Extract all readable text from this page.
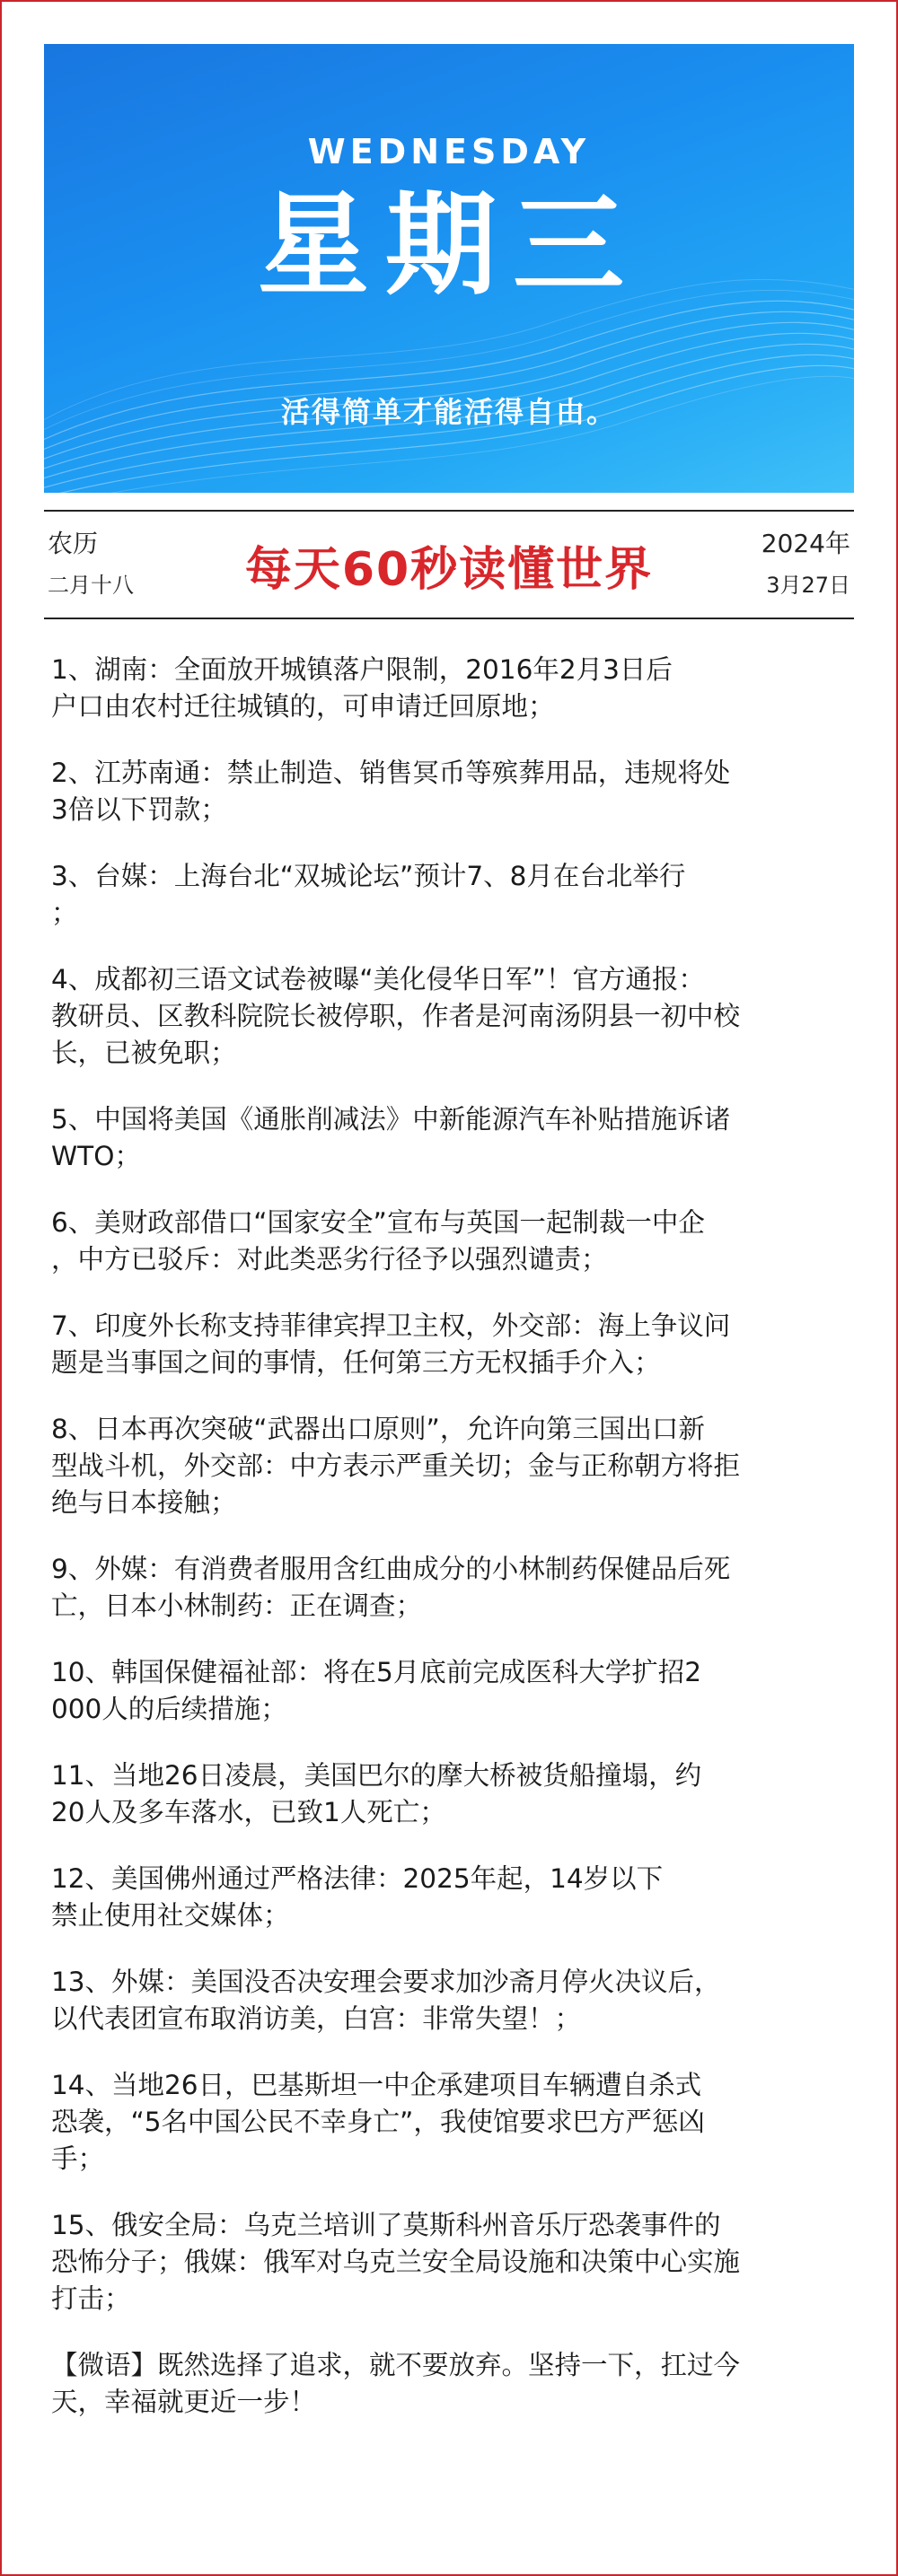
WEDNESDAY
星期三
活得简单才能活得自由。
农历
二月十八	每天60秒读懂世界	2024年
3月27日
1、湖南：全面放开城镇落户限制，2016年2月3日后
户口由农村迁往城镇的，可申请迁回原地；
2、江苏南通：禁止制造、销售冥币等殡葬用品，违规将处
3倍以下罚款；
3、台媒：上海台北“双城论坛”预计7、8月在台北举行
；
4、成都初三语文试卷被曝“美化侵华日军”！官方通报：
教研员、区教科院院长被停职，作者是河南汤阴县一初中校
长，已被免职；
5、中国将美国《通胀削减法》中新能源汽车补贴措施诉诸
WTO；
6、美财政部借口“国家安全”宣布与英国一起制裁一中企
，中方已驳斥：对此类恶劣行径予以强烈谴责；
7、印度外长称支持菲律宾捍卫主权，外交部：海上争议问
题是当事国之间的事情，任何第三方无权插手介入；
8、日本再次突破“武器出口原则”，允许向第三国出口新
型战斗机，外交部：中方表示严重关切；金与正称朝方将拒
绝与日本接触；
9、外媒：有消费者服用含红曲成分的小林制药保健品后死
亡，日本小林制药：正在调查；
10、韩国保健福祉部：将在5月底前完成医科大学扩招2
000人的后续措施；
11、当地26日凌晨，美国巴尔的摩大桥被货船撞塌，约
20人及多车落水，已致1人死亡；
12、美国佛州通过严格法律：2025年起，14岁以下
禁止使用社交媒体；
13、外媒：美国没否决安理会要求加沙斋月停火决议后，
以代表团宣布取消访美，白宫：非常失望！；
14、当地26日，巴基斯坦一中企承建项目车辆遭自杀式
恐袭，“5名中国公民不幸身亡”，我使馆要求巴方严惩凶
手；
15、俄安全局：乌克兰培训了莫斯科州音乐厅恐袭事件的
恐怖分子；俄媒：俄军对乌克兰安全局设施和决策中心实施
打击；
【微语】既然选择了追求，就不要放弃。坚持一下，扛过今
天，幸福就更近一步！
